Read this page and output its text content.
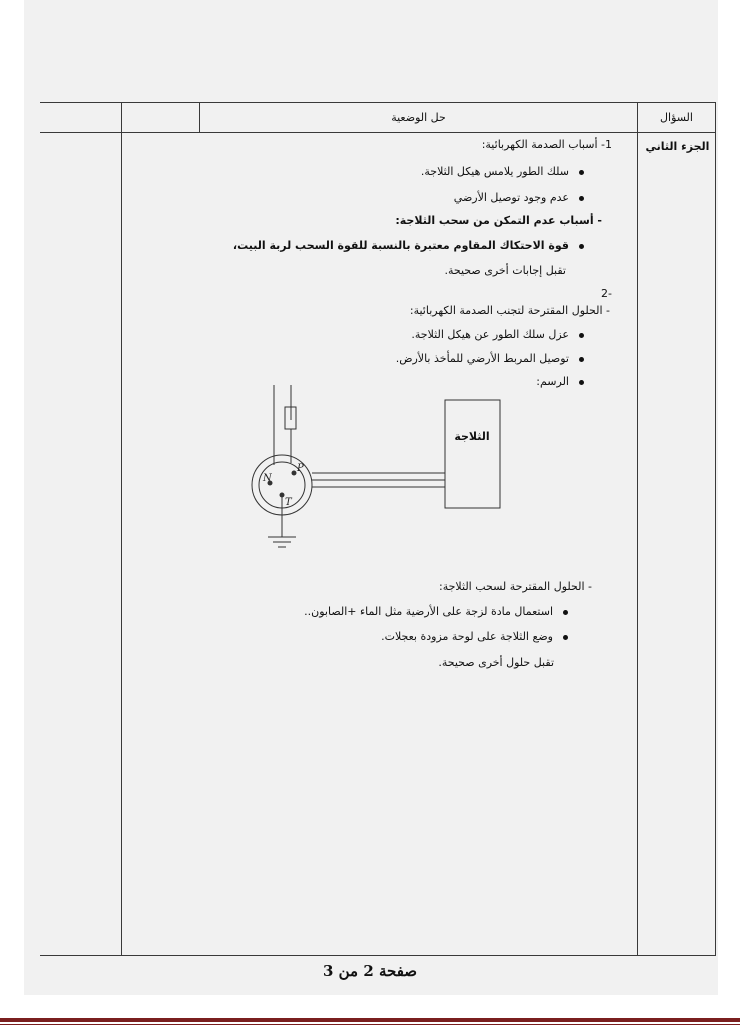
حل الوضعية	السؤال
الجزء الثاني
1- أسباب الصدمة الكهربائية:
سلك الطور يلامس هيكل الثلاجة.
عدم وجود توصيل الأرضي
- أسباب عدم التمكن من سحب الثلاجة:
قوة الاحتكاك المقاوم معتبرة بالنسبة للقوة السحب لربة البيت،
تقبل إجابات أخرى صحيحة.
-2
- الحلول المقترحة لتجنب الصدمة الكهربائية:
عزل سلك الطور عن هيكل الثلاجة.
توصيل المربط الأرضي للمأخذ بالأرض.
الرسم:
- الحلول المقترحة لسحب الثلاجة:
استعمال مادة لزجة على الأرضية مثل الماء +الصابون..
وضع الثلاجة على لوحة مزودة بعجلات.
تقبل حلول أخرى صحيحة.
N
P
T
الثلاجة
صفحة 2 من 3
